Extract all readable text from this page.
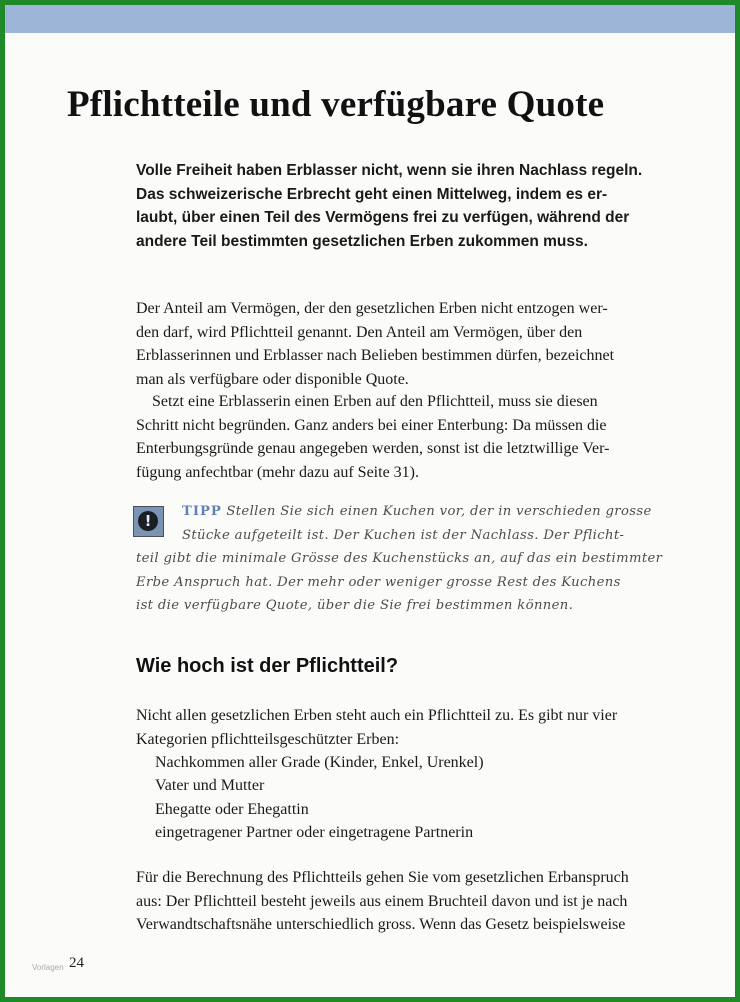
Pflichtteile und verfügbare Quote
Volle Freiheit haben Erblasser nicht, wenn sie ihren Nachlass regeln.
Das schweizerische Erbrecht geht einen Mittelweg, indem es er-
laubt, über einen Teil des Vermögens frei zu verfügen, während der
andere Teil bestimmten gesetzlichen Erben zukommen muss.
Der Anteil am Vermögen, der den gesetzlichen Erben nicht entzogen wer-
den darf, wird Pflichtteil genannt. Den Anteil am Vermögen, über den
Erblasserinnen und Erblasser nach Belieben bestimmen dürfen, bezeichnet
man als verfügbare oder disponible Quote.
Setzt eine Erblasserin einen Erben auf den Pflichtteil, muss sie diesen
Schritt nicht begründen. Ganz anders bei einer Enterbung: Da müssen die
Enterbungsgründe genau angegeben werden, sonst ist die letztwillige Ver-
fügung anfechtbar (mehr dazu auf Seite 31).
!
TIPP Stellen Sie sich einen Kuchen vor, der in verschieden grosse
Stücke aufgeteilt ist. Der Kuchen ist der Nachlass. Der Pflicht-
teil gibt die minimale Grösse des Kuchenstücks an, auf das ein bestimmter
Erbe Anspruch hat. Der mehr oder weniger grosse Rest des Kuchens
ist die verfügbare Quote, über die Sie frei bestimmen können.
Wie hoch ist der Pflichtteil?
Nicht allen gesetzlichen Erben steht auch ein Pflichtteil zu. Es gibt nur vier
Kategorien pflichtteilsgeschützter Erben:
Nachkommen aller Grade (Kinder, Enkel, Urenkel)
Vater und Mutter
Ehegatte oder Ehegattin
eingetragener Partner oder eingetragene Partnerin
Für die Berechnung des Pflichtteils gehen Sie vom gesetzlichen Erbanspruch
aus: Der Pflichtteil besteht jeweils aus einem Bruchteil davon und ist je nach
Verwandtschaftsnähe unterschiedlich gross. Wenn das Gesetz beispielsweise
Vorlagen 24
